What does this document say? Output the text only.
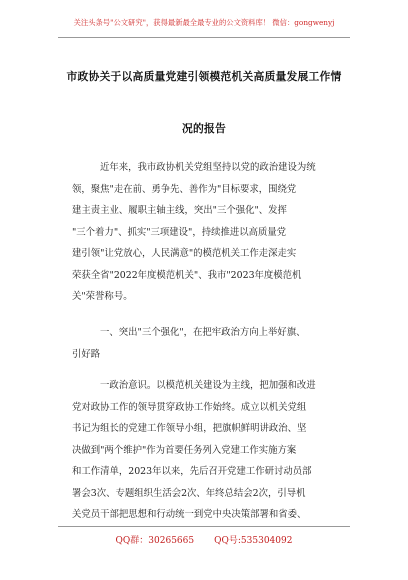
关注头条号"公文研究"，获得最新最全最专业的公文资料库！ 微信：gongwenyj
市政协关于以高质量党建引领模范机关高质量发展工作情
况的报告
近年来，我市政协机关党组坚持以党的政治建设为统
领，聚焦"走在前、勇争先、善作为"目标要求，围绕党
建主责主业、履职主轴主线，突出"三个强化"、发挥
"三个着力"、抓实"三项建设"，持续推进以高质量党
建引领"让党放心，人民满意"的模范机关工作走深走实
荣获全省"2022年度模范机关"、我市"2023年度模范机
关"荣誉称号。
一、突出"三个强化"，在把牢政治方向上举好旗、
引好路
一政治意识。以模范机关建设为主线，把加强和改进
党对政协工作的领导贯穿政协工作始终。成立以机关党组
书记为组长的党建工作领导小组，把旗帜鲜明讲政治、坚
决做到"两个维护"作为首要任务列入党建工作实施方案
和工作清单，2023年以来，先后召开党建工作研讨动员部
署会3次、专题组织生活会2次、年终总结会2次，引导机
关党员干部把思想和行动统一到党中央决策部署和省委、
QQ群：30265665 QQ号:535304092
